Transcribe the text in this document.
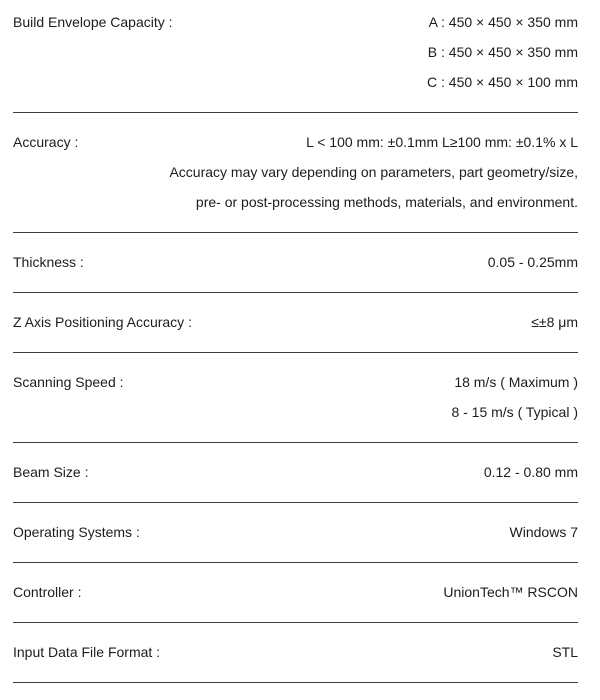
Build Envelope Capacity :	A : 450 × 450 × 350 mm
B : 450 × 450 × 350 mm
C : 450 × 450 × 100 mm
Accuracy :	L < 100 mm: ±0.1mm L≥100 mm: ±0.1% x L
Accuracy may vary depending on parameters, part geometry/size,
pre- or post-processing methods, materials, and environment.
Thickness :	0.05 - 0.25mm
Z Axis Positioning Accuracy :	≤±8 μm
Scanning Speed :	18 m/s ( Maximum )
8 - 15 m/s ( Typical )
Beam Size :	0.12 - 0.80 mm
Operating Systems :	Windows 7
Controller :	UnionTech™ RSCON
Input Data File Format :	STL
